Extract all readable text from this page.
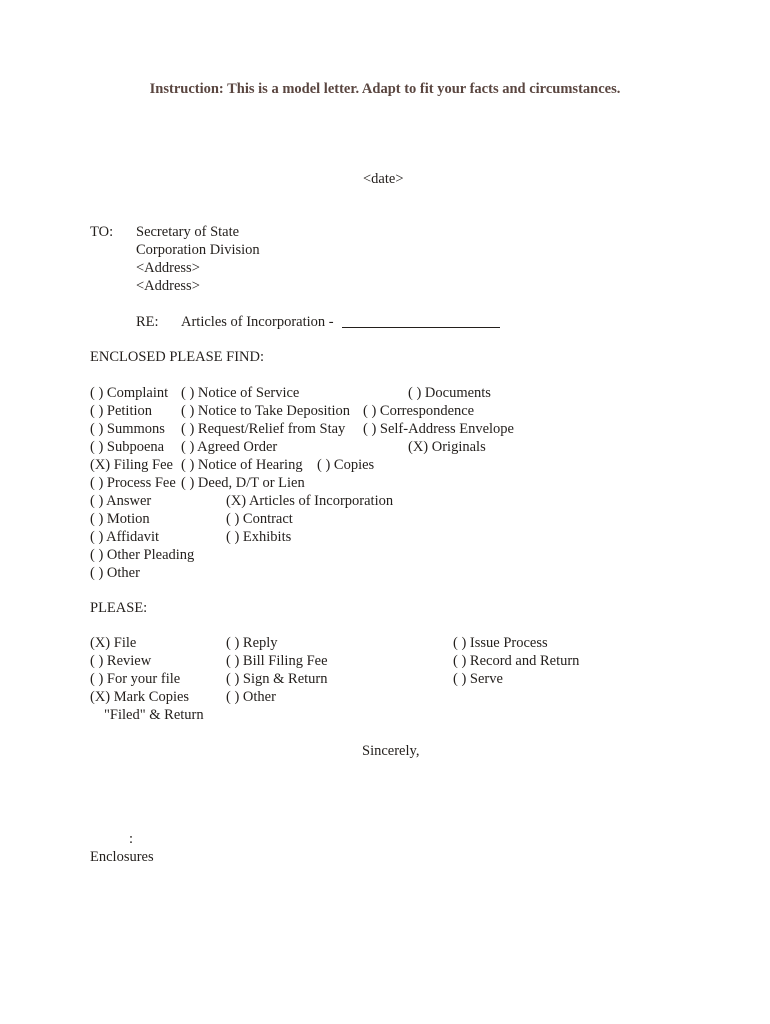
Instruction: This is a model letter. Adapt to fit your facts and circumstances.
<date>
TO: Secretary of State
Corporation Division
<Address>
<Address>
RE: Articles of Incorporation -
ENCLOSED PLEASE FIND:
( ) Complaint ( ) Notice of Service	( ) Documents
( ) Petition ( ) Notice to Take Deposition ( ) Correspondence
( ) Summons ( ) Request/Relief from Stay ( ) Self-Address Envelope
( ) Subpoena ( ) Agreed Order	(X) Originals
(X) Filing Fee ( ) Notice of Hearing ( ) Copies
( ) Process Fee ( ) Deed, D/T or Lien
( ) Answer	(X) Articles of Incorporation
( ) Motion	( ) Contract
( ) Affidavit	( ) Exhibits
( ) Other Pleading
( ) Other
PLEASE:
(X) File	( ) Reply	( ) Issue Process
( ) Review	( ) Bill Filing Fee	( ) Record and Return
( ) For your file	( ) Sign & Return	( ) Serve
(X) Mark Copies	( ) Other
"Filed" & Return
Sincerely,
:
Enclosures
